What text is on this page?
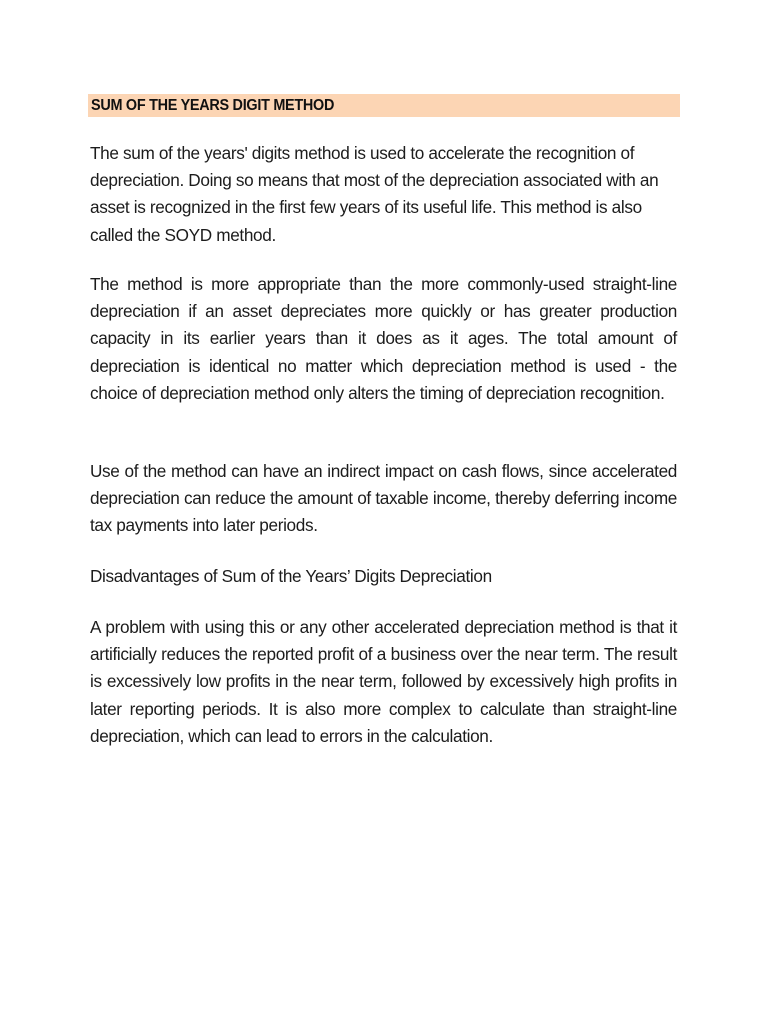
SUM OF THE YEARS DIGIT METHOD

The sum of the years' digits method is used to accelerate the recognition of depreciation. Doing so means that most of the depreciation associated with an asset is recognized in the first few years of its useful life. This method is also called the SOYD method.

The method is more appropriate than the more commonly-used straight-line depreciation if an asset depreciates more quickly or has greater production capacity in its earlier years than it does as it ages. The total amount of depreciation is identical no matter which depreciation method is used - the choice of depreciation method only alters the timing of depreciation recognition.

Use of the method can have an indirect impact on cash flows, since accelerated depreciation can reduce the amount of taxable income, thereby deferring income tax payments into later periods.

Disadvantages of Sum of the Years’ Digits Depreciation

A problem with using this or any other accelerated depreciation method is that it artificially reduces the reported profit of a business over the near term. The result is excessively low profits in the near term, followed by excessively high profits in later reporting periods. It is also more complex to calculate than straight-line depreciation, which can lead to errors in the calculation.
